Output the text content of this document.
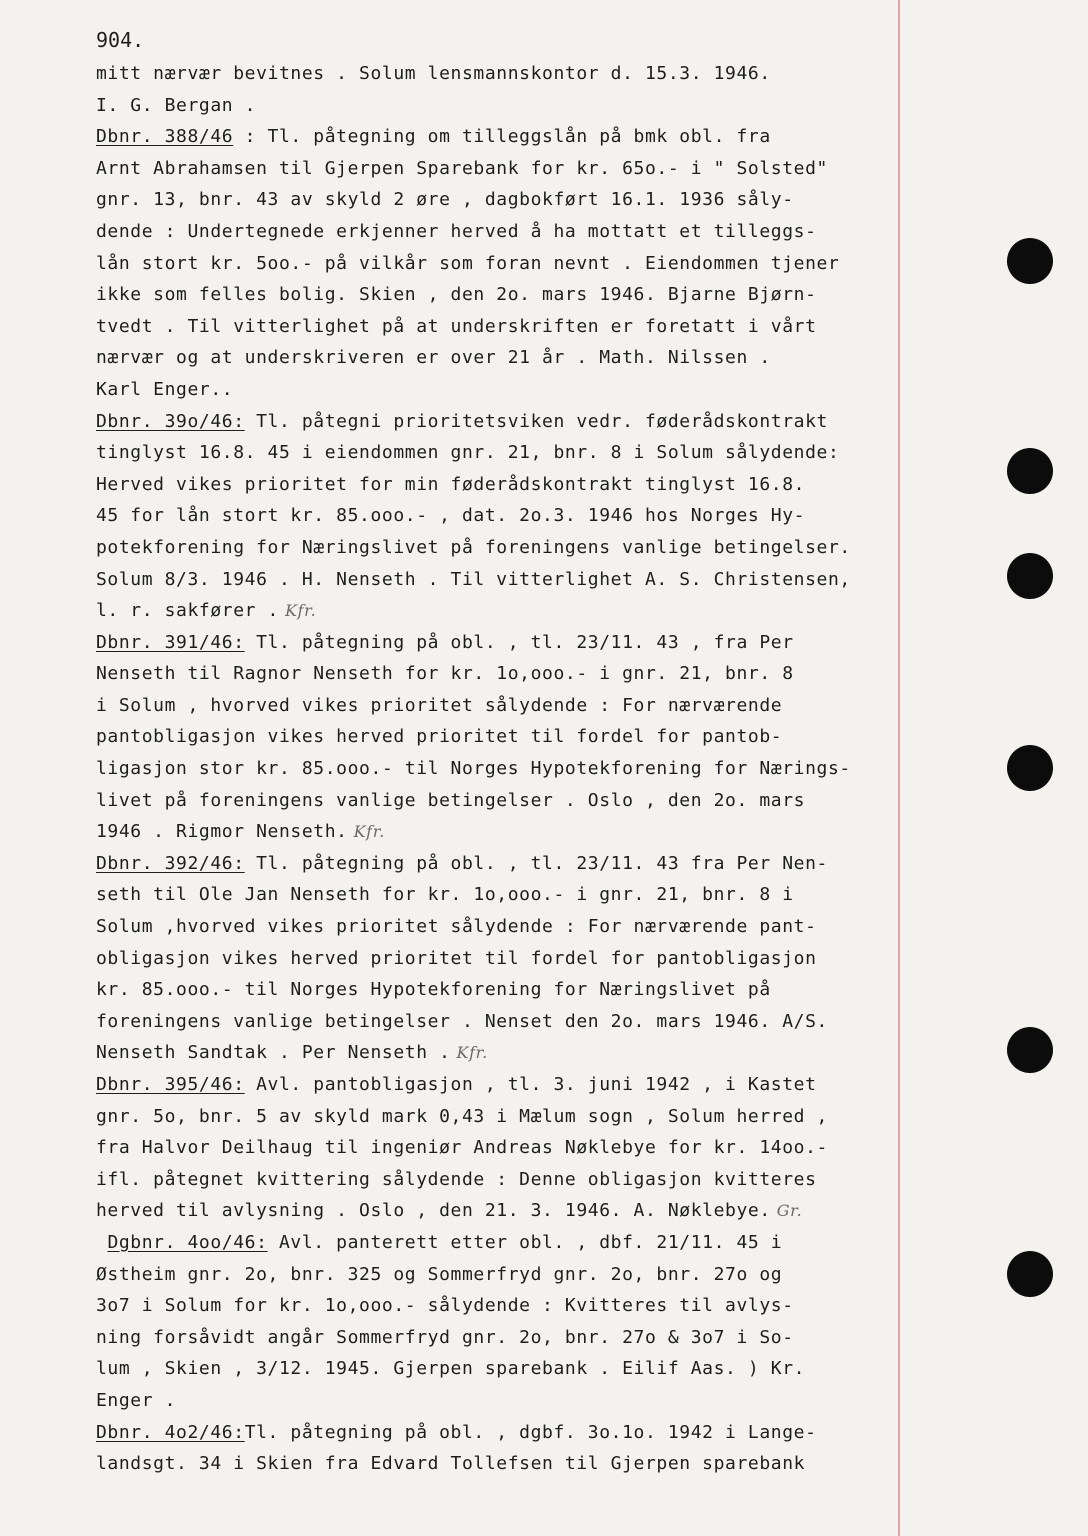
904.
mitt nærvær bevitnes . Solum lensmannskontor d. 15.3. 1946.
I. G. Bergan .
Dbnr. 388/46 : Tl. påtegning om tilleggslån på bmk obl. fra
Arnt Abrahamsen til Gjerpen Sparebank for kr. 65o.- i " Solsted"
gnr. 13, bnr. 43 av skyld 2 øre , dagbokført 16.1. 1936 såly-
dende : Undertegnede erkjenner herved å ha mottatt et tilleggs-
lån stort kr. 5oo.- på vilkår som foran nevnt . Eiendommen tjener
ikke som felles bolig. Skien , den 2o. mars 1946. Bjarne Bjørn-
tvedt . Til vitterlighet på at underskriften er foretatt i vårt
nærvær og at underskriveren er over 21 år . Math. Nilssen .
Karl Enger..
Dbnr. 39o/46: Tl. påtegni prioritetsviken vedr. føderådskontrakt
tinglyst 16.8. 45 i eiendommen gnr. 21, bnr. 8 i Solum sålydende:
Herved vikes prioritet for min føderådskontrakt tinglyst 16.8.
45 for lån stort kr. 85.ooo.- , dat. 2o.3. 1946 hos Norges Hy-
potekforening for Næringslivet på foreningens vanlige betingelser.
Solum 8/3. 1946 . H. Nenseth . Til vitterlighet A. S. Christensen,
l. r. sakfører . Kfr.
Dbnr. 391/46: Tl. påtegning på obl. , tl. 23/11. 43 , fra Per
Nenseth til Ragnor Nenseth for kr. 1o,ooo.- i gnr. 21, bnr. 8
i Solum , hvorved vikes prioritet sålydende : For nærværende
pantobligasjon vikes herved prioritet til fordel for pantob-
ligasjon stor kr. 85.ooo.- til Norges Hypotekforening for Nærings-
livet på foreningens vanlige betingelser . Oslo , den 2o. mars
1946 . Rigmor Nenseth. Kfr.
Dbnr. 392/46: Tl. påtegning på obl. , tl. 23/11. 43 fra Per Nen-
seth til Ole Jan Nenseth for kr. 1o,ooo.- i gnr. 21, bnr. 8 i
Solum ,hvorved vikes prioritet sålydende : For nærværende pant-
obligasjon vikes herved prioritet til fordel for pantobligasjon
kr. 85.ooo.- til Norges Hypotekforening for Næringslivet på
foreningens vanlige betingelser . Nenset den 2o. mars 1946. A/S.
Nenseth Sandtak . Per Nenseth . Kfr.
Dbnr. 395/46: Avl. pantobligasjon , tl. 3. juni 1942 , i Kastet
gnr. 5o, bnr. 5 av skyld mark 0,43 i Mælum sogn , Solum herred ,
fra Halvor Deilhaug til ingeniør Andreas Nøklebye for kr. 14oo.-
ifl. påtegnet kvittering sålydende : Denne obligasjon kvitteres
herved til avlysning . Oslo , den 21. 3. 1946. A. Nøklebye. Gr.
Dgbnr. 4oo/46: Avl. panterett etter obl. , dbf. 21/11. 45 i
Østheim gnr. 2o, bnr. 325 og Sommerfryd gnr. 2o, bnr. 27o og
3o7 i Solum for kr. 1o,ooo.- sålydende : Kvitteres til avlys-
ning forsåvidt angår Sommerfryd gnr. 2o, bnr. 27o & 3o7 i So-
lum , Skien , 3/12. 1945. Gjerpen sparebank . Eilif Aas. ) Kr.
Enger .
Dbnr. 4o2/46:Tl. påtegning på obl. , dgbf. 3o.1o. 1942 i Lange-
landsgt. 34 i Skien fra Edvard Tollefsen til Gjerpen sparebank
